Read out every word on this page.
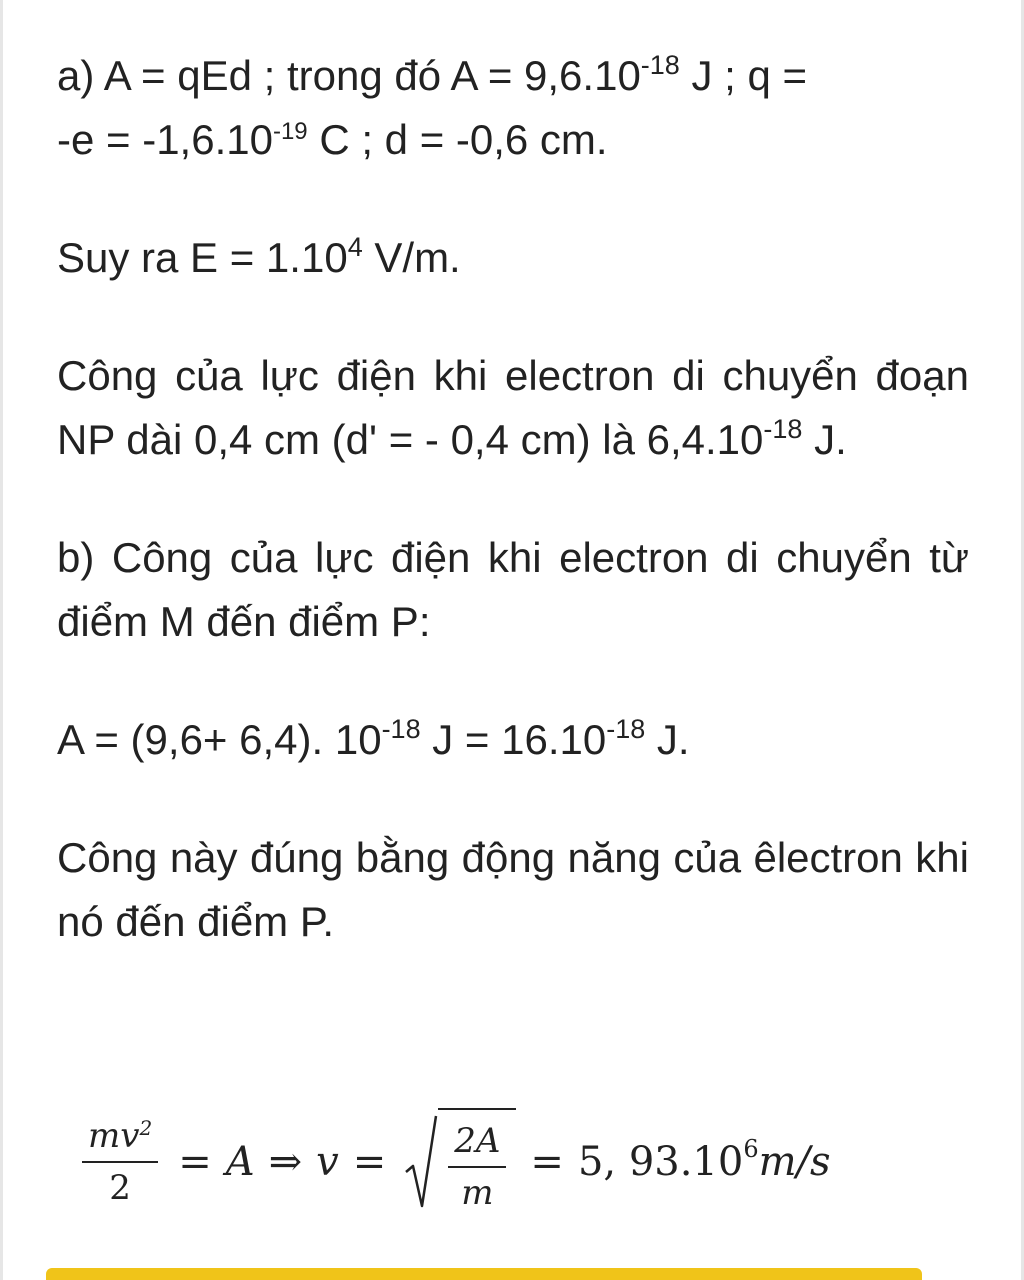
a) A = qEd ; trong đó $A = 9,6.10^{-18}$ J ; q =
$-e = -1,6.10^{-19}$ C ; d = -0,6 cm.

Suy ra $E = 1.10^4$ V/m.

Công của lực điện khi electron di chuyển đoạn NP dài 0,4 cm (d' = - 0,4 cm) là $6,4.10^{-18}$ J.

b) Công của lực điện khi electron di chuyển từ điểm M đến điểm P:

A = (9,6+ 6,4). $10^{-18}$ $J = 16.10^{-18}$ J.

Công này đúng bằng động năng của êlectron khi nó đến điểm P.

$\frac{mv^2}{2} = A$ ⇒ $v = \frac{2A}{m} = 5$, 93.10$^6$ m/s
